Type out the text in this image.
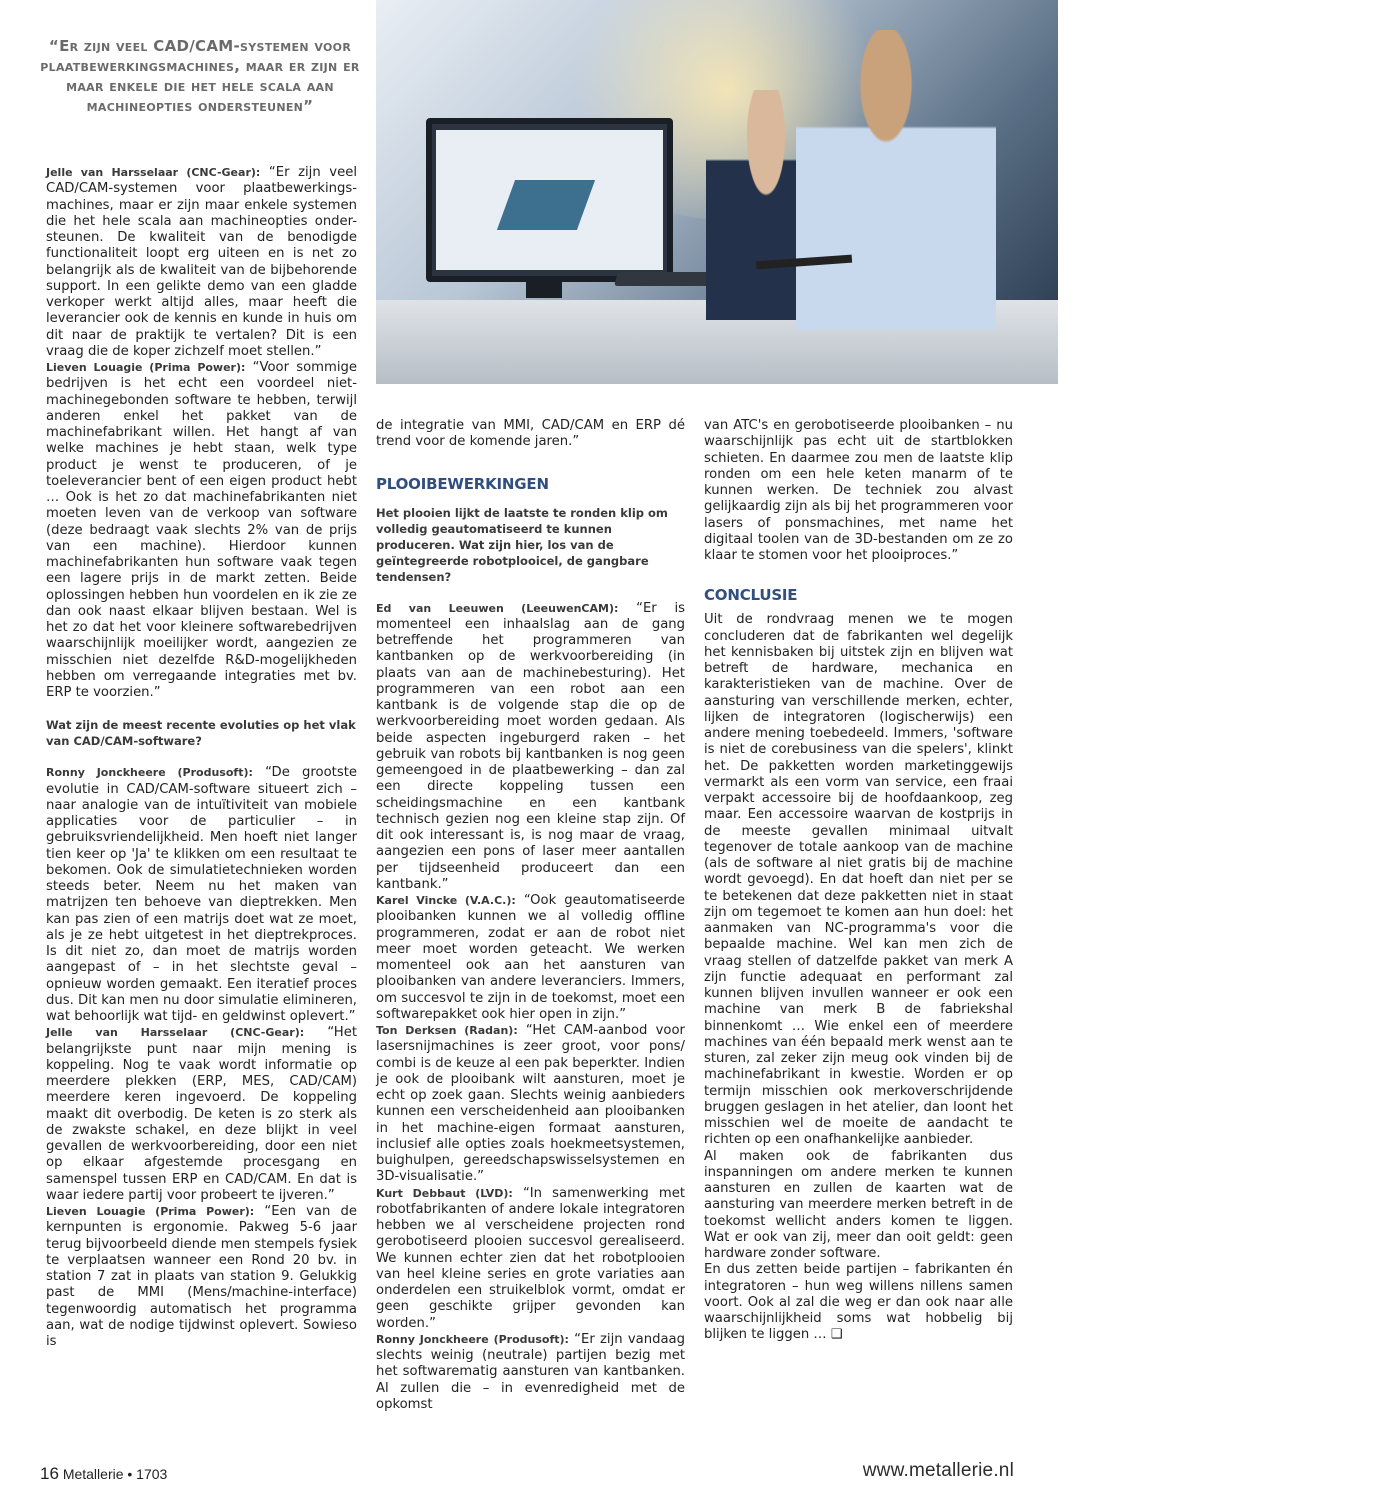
“Er zijn veel CAD/CAM-systemen voor plaatbewerkingsmachines, maar er zijn er maar enkele die het hele scala aan machineopties ondersteunen”
Bron:
TRUMPF

Jelle van Harsselaar (CNC-Gear): “Er zijn veel CAD/CAM-systemen voor plaatbewerkings-machines, maar er zijn maar enkele systemen die het hele scala aan machineopties onder-steunen. De kwaliteit van de benodigde functionaliteit loopt erg uiteen en is net zo belangrijk als de kwaliteit van de bijbehorende support. In een gelikte demo van een gladde verkoper werkt altijd alles, maar heeft die leverancier ook de kennis en kunde in huis om dit naar de praktijk te vertalen? Dit is een vraag die de koper zichzelf moet stellen.”

Lieven Louagie (Prima Power): “Voor sommige bedrijven is het echt een voordeel niet-machinegebonden software te hebben, terwijl anderen enkel het pakket van de machinefabrikant willen. Het hangt af van welke machines je hebt staan, welk type product je wenst te produceren, of je toeleverancier bent of een eigen product hebt … Ook is het zo dat machinefabrikanten niet moeten leven van de verkoop van software (deze bedraagt vaak slechts 2% van de prijs van een machine). Hierdoor kunnen machinefabrikanten hun software vaak tegen een lagere prijs in de markt zetten. Beide oplossingen hebben hun voordelen en ik zie ze dan ook naast elkaar blijven bestaan. Wel is het zo dat het voor kleinere softwarebedrijven waarschijnlijk moeilijker wordt, aangezien ze misschien niet dezelfde R&D-mogelijkheden hebben om verregaande integraties met bv. ERP te voorzien.”

Wat zijn de meest recente evoluties op het vlak van CAD/CAM-software?

Ronny Jonckheere (Produsoft): “De grootste evolutie in CAD/CAM-software situeert zich – naar analogie van de intuïtiviteit van mobiele applicaties voor de particulier – in gebruiksvriendelijkheid. Men hoeft niet langer tien keer op 'Ja' te klikken om een resultaat te bekomen. Ook de simulatietechnieken worden steeds beter. Neem nu het maken van matrijzen ten behoeve van dieptrekken. Men kan pas zien of een matrijs doet wat ze moet, als je ze hebt uitgetest in het dieptrekproces. Is dit niet zo, dan moet de matrijs worden aangepast of – in het slechtste geval – opnieuw worden gemaakt. Een iteratief proces dus. Dit kan men nu door simulatie elimineren, wat behoorlijk wat tijd- en geldwinst oplevert.”

Jelle van Harsselaar (CNC-Gear): “Het belangrijkste punt naar mijn mening is koppeling. Nog te vaak wordt informatie op meerdere plekken (ERP, MES, CAD/CAM) meerdere keren ingevoerd. De koppeling maakt dit overbodig. De keten is zo sterk als de zwakste schakel, en deze blijkt in veel gevallen de werkvoorbereiding, door een niet op elkaar afgestemde procesgang en samenspel tussen ERP en CAD/CAM. En dat is waar iedere partij voor probeert te ijveren.”

Lieven Louagie (Prima Power): “Een van de kernpunten is ergonomie. Pakweg 5-6 jaar terug bijvoorbeeld diende men stempels fysiek te verplaatsen wanneer een Rond 20 bv. in station 7 zat in plaats van station 9. Gelukkig past de MMI (Mens/machine-interface) tegenwoordig automatisch het programma aan, wat de nodige tijdwinst oplevert. Sowieso is

de integratie van MMI, CAD/CAM en ERP dé trend voor de komende jaren.”

PLOOIBEWERKINGEN

Het plooien lijkt de laatste te ronden klip om volledig geautomatiseerd te kunnen produceren. Wat zijn hier, los van de geïntegreerde robotplooicel, de gangbare tendensen?

Ed van Leeuwen (LeeuwenCAM): “Er is momenteel een inhaalslag aan de gang betreffende het programmeren van kantbanken op de werkvoorbereiding (in plaats van aan de machinebesturing). Het programmeren van een robot aan een kantbank is de volgende stap die op de werkvoorbereiding moet worden gedaan. Als beide aspecten ingeburgerd raken – het gebruik van robots bij kantbanken is nog geen gemeengoed in de plaatbewerking – dan zal een directe koppeling tussen een scheidingsmachine en een kantbank technisch gezien nog een kleine stap zijn. Of dit ook interessant is, is nog maar de vraag, aangezien een pons of laser meer aantallen per tijdseenheid produceert dan een kantbank.”

Karel Vincke (V.A.C.): “Ook geautomatiseerde plooibanken kunnen we al volledig offline programmeren, zodat er aan de robot niet meer moet worden geteacht. We werken momenteel ook aan het aansturen van plooibanken van andere leveranciers. Immers, om succesvol te zijn in de toekomst, moet een softwarepakket ook hier open in zijn.”

Ton Derksen (Radan): “Het CAM-aanbod voor lasersnijmachines is zeer groot, voor pons/ combi is de keuze al een pak beperkter. Indien je ook de plooibank wilt aansturen, moet je echt op zoek gaan. Slechts weinig aanbieders kunnen een verscheidenheid aan plooibanken in het machine-eigen formaat aansturen, inclusief alle opties zoals hoekmeetsystemen, buighulpen, gereedschapswisselsystemen en 3D-visualisatie.”

Kurt Debbaut (LVD): “In samenwerking met robotfabrikanten of andere lokale integratoren hebben we al verscheidene projecten rond gerobotiseerd plooien succesvol gerealiseerd. We kunnen echter zien dat het robotplooien van heel kleine series en grote variaties aan onderdelen een struikelblok vormt, omdat er geen geschikte grijper gevonden kan worden.”

Ronny Jonckheere (Produsoft): “Er zijn vandaag slechts weinig (neutrale) partijen bezig met het softwarematig aansturen van kantbanken. Al zullen die – in evenredigheid met de opkomst

van ATC's en gerobotiseerde plooibanken – nu waarschijnlijk pas echt uit de startblokken schieten. En daarmee zou men de laatste klip ronden om een hele keten manarm of te kunnen werken. De techniek zou alvast gelijkaardig zijn als bij het programmeren voor lasers of ponsmachines, met name het digitaal toolen van de 3D-bestanden om ze zo klaar te stomen voor het plooiproces.”

CONCLUSIE

Uit de rondvraag menen we te mogen concluderen dat de fabrikanten wel degelijk het kennisbaken bij uitstek zijn en blijven wat betreft de hardware, mechanica en karakteristieken van de machine. Over de aansturing van verschillende merken, echter, lijken de integratoren (logischerwijs) een andere mening toebedeeld. Immers, 'software is niet de corebusiness van die spelers', klinkt het. De pakketten worden marketinggewijs vermarkt als een vorm van service, een fraai verpakt accessoire bij de hoofdaankoop, zeg maar. Een accessoire waarvan de kostprijs in de meeste gevallen minimaal uitvalt tegenover de totale aankoop van de machine (als de software al niet gratis bij de machine wordt gevoegd). En dat hoeft dan niet per se te betekenen dat deze pakketten niet in staat zijn om tegemoet te komen aan hun doel: het aanmaken van NC-programma's voor die bepaalde machine. Wel kan men zich de vraag stellen of datzelfde pakket van merk A zijn functie adequaat en performant zal kunnen blijven invullen wanneer er ook een machine van merk B de fabriekshal binnenkomt … Wie enkel een of meerdere machines van één bepaald merk wenst aan te sturen, zal zeker zijn meug ook vinden bij de machinefabrikant in kwestie. Worden er op termijn misschien ook merkoverschrijdende bruggen geslagen in het atelier, dan loont het misschien wel de moeite de aandacht te richten op een onafhankelijke aanbieder.

Al maken ook de fabrikanten dus inspanningen om andere merken te kunnen aansturen en zullen de kaarten wat de aansturing van meerdere merken betreft in de toekomst wellicht anders komen te liggen. Wat er ook van zij, meer dan ooit geldt: geen hardware zonder software.

En dus zetten beide partijen – fabrikanten én integratoren – hun weg willens nillens samen voort. Ook al zal die weg er dan ook naar alle waarschijnlijkheid soms wat hobbelig bij blijken te liggen … ❑

16 Metallerie • 1703	www.metallerie.nl
